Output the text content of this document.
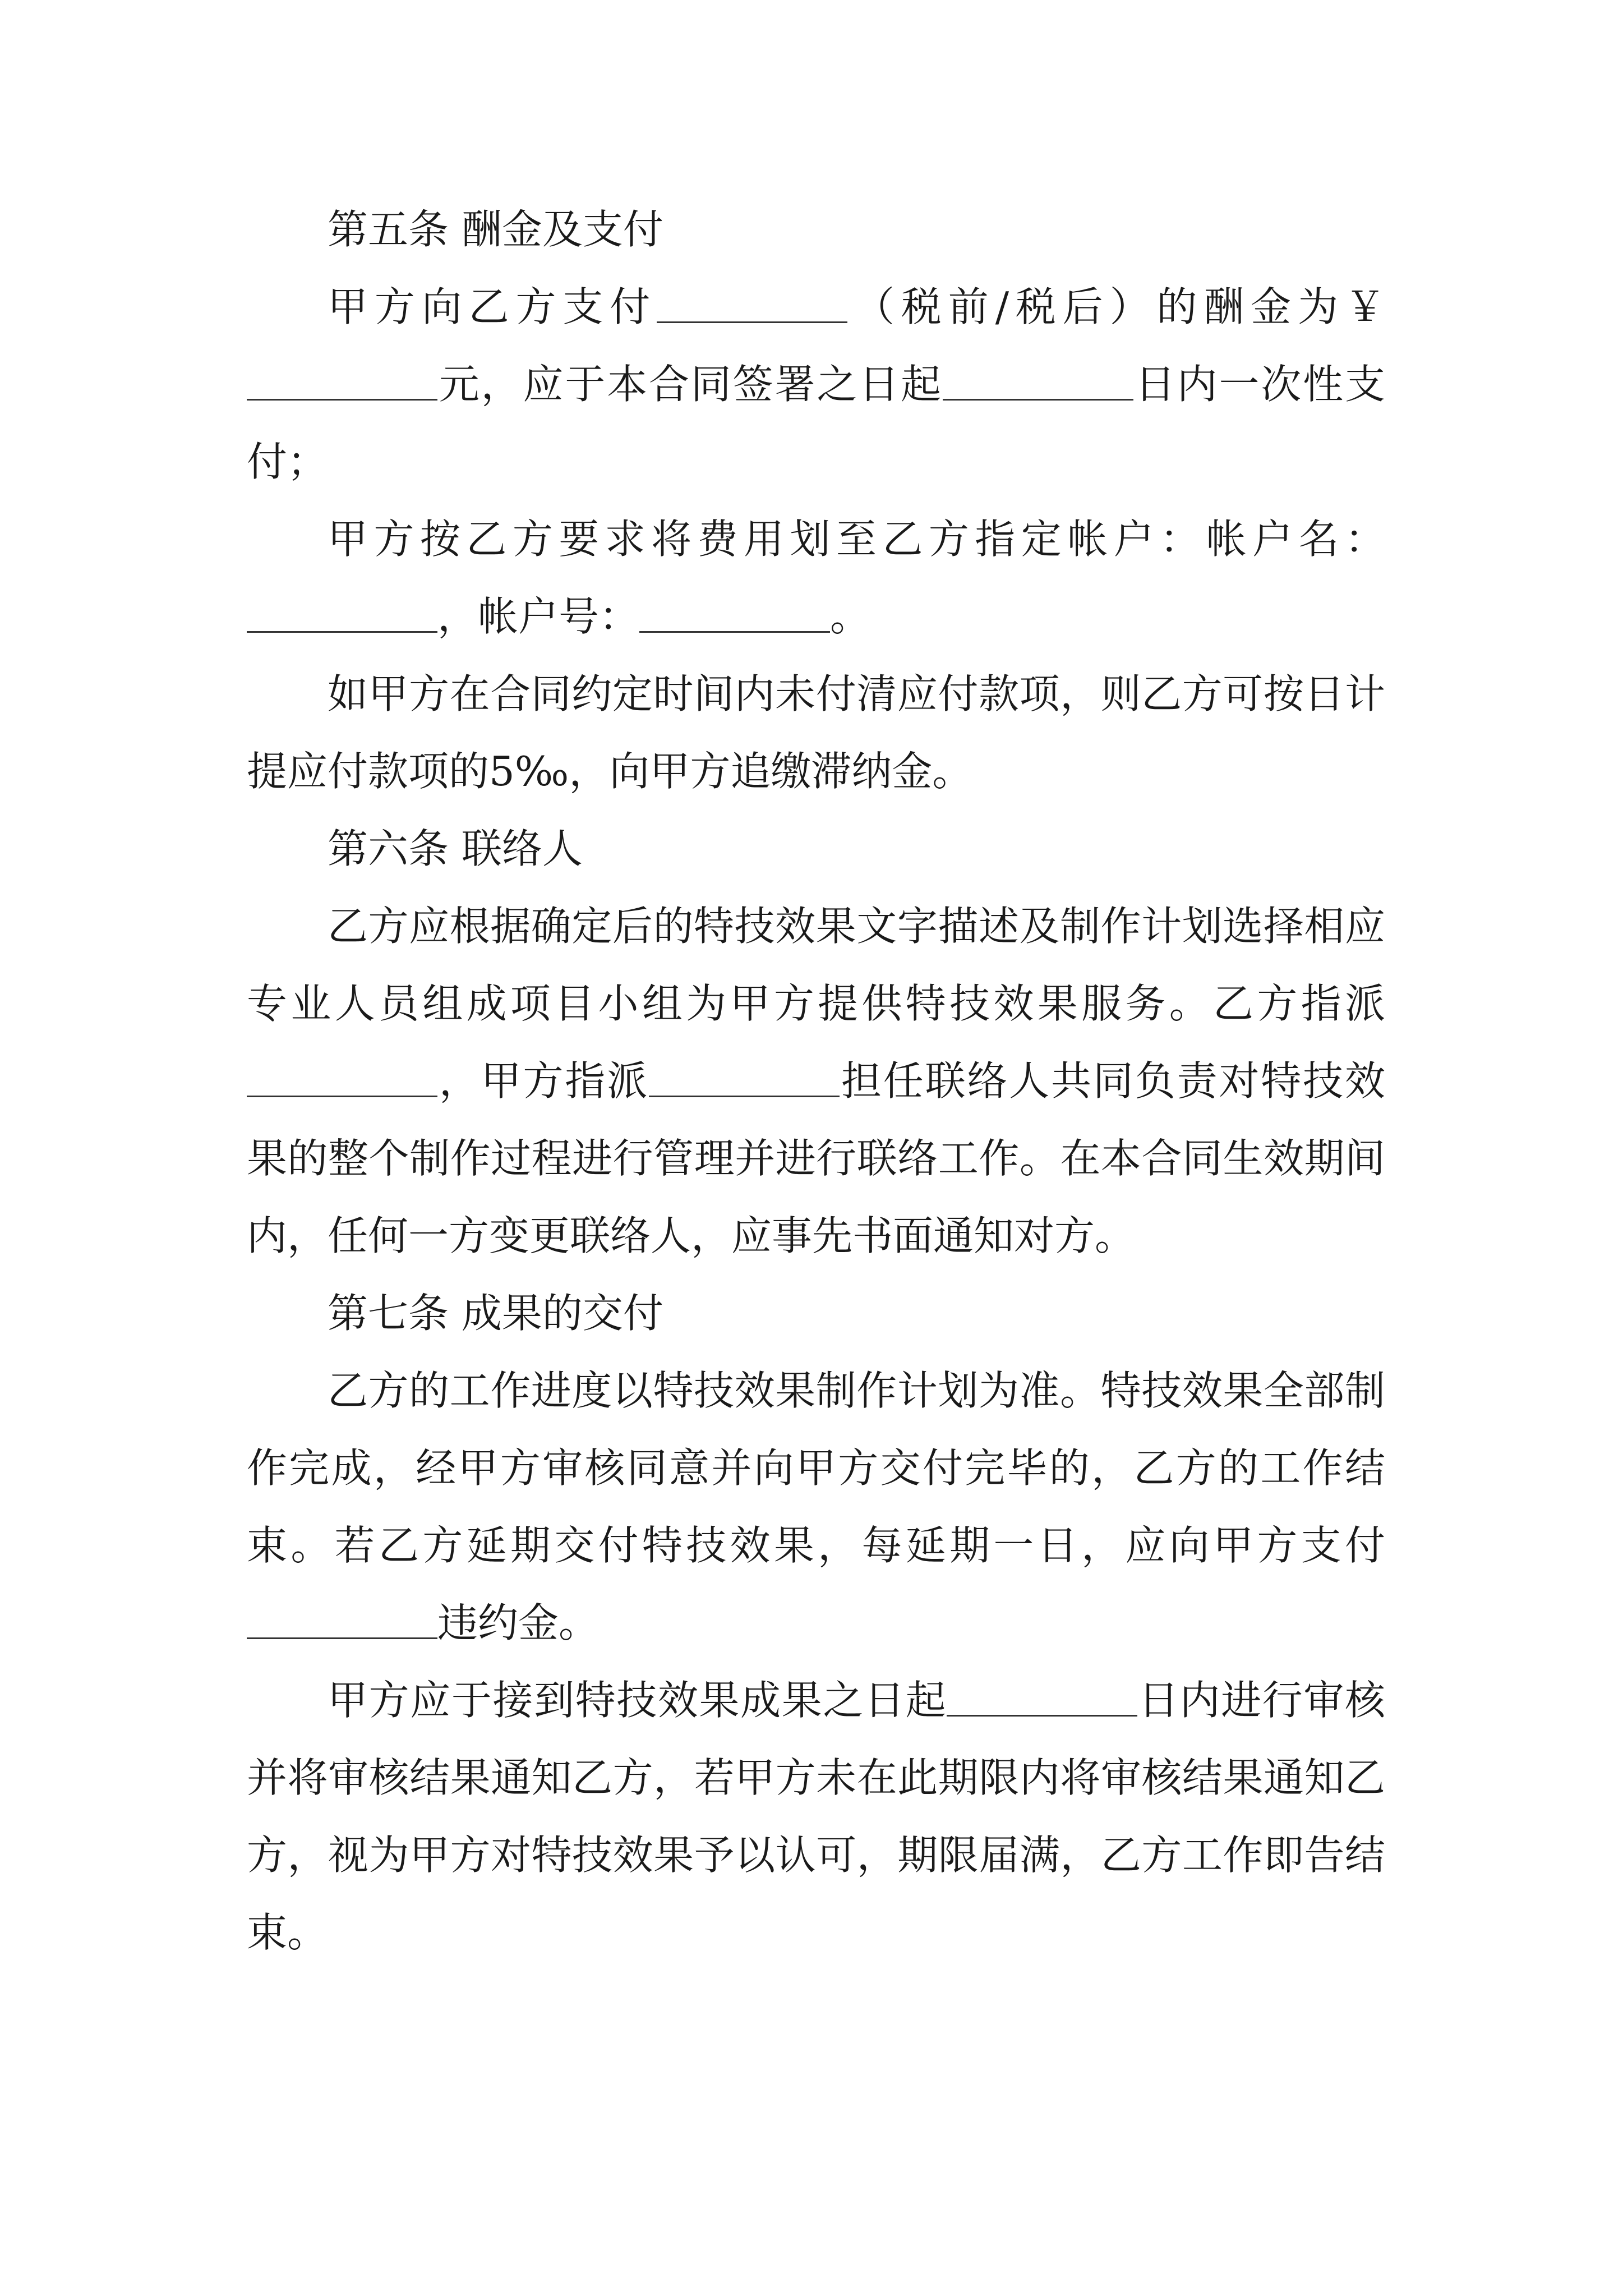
第五条 酬金及支付

甲方向乙方支付	（税前/税后）的酬金为￥元，应于本合同签署之日起	日内一次性支付；

甲方按乙方要求将费用划至乙方指定帐户：帐户名：，帐户号：	。

如甲方在合同约定时间内未付清应付款项，则乙方可按日计提应付款项的5‰，向甲方追缴滞纳金。

第六条 联络人

乙方应根据确定后的特技效果文字描述及制作计划选择相应专业人员组成项目小组为甲方提供特技效果服务。乙方指派，甲方指派	担任联络人共同负责对特技效果的整个制作过程进行管理并进行联络工作。在本合同生效期间内，任何一方变更联络人，应事先书面通知对方。

第七条 成果的交付

乙方的工作进度以特技效果制作计划为准。特技效果全部制作完成，经甲方审核同意并向甲方交付完毕的，乙方的工作结束。若乙方延期交付特技效果，每延期一日，应向甲方支付违约金。

甲方应于接到特技效果成果之日起	日内进行审核并将审核结果通知乙方，若甲方未在此期限内将审核结果通知乙方，视为甲方对特技效果予以认可，期限届满，乙方工作即告结束。
